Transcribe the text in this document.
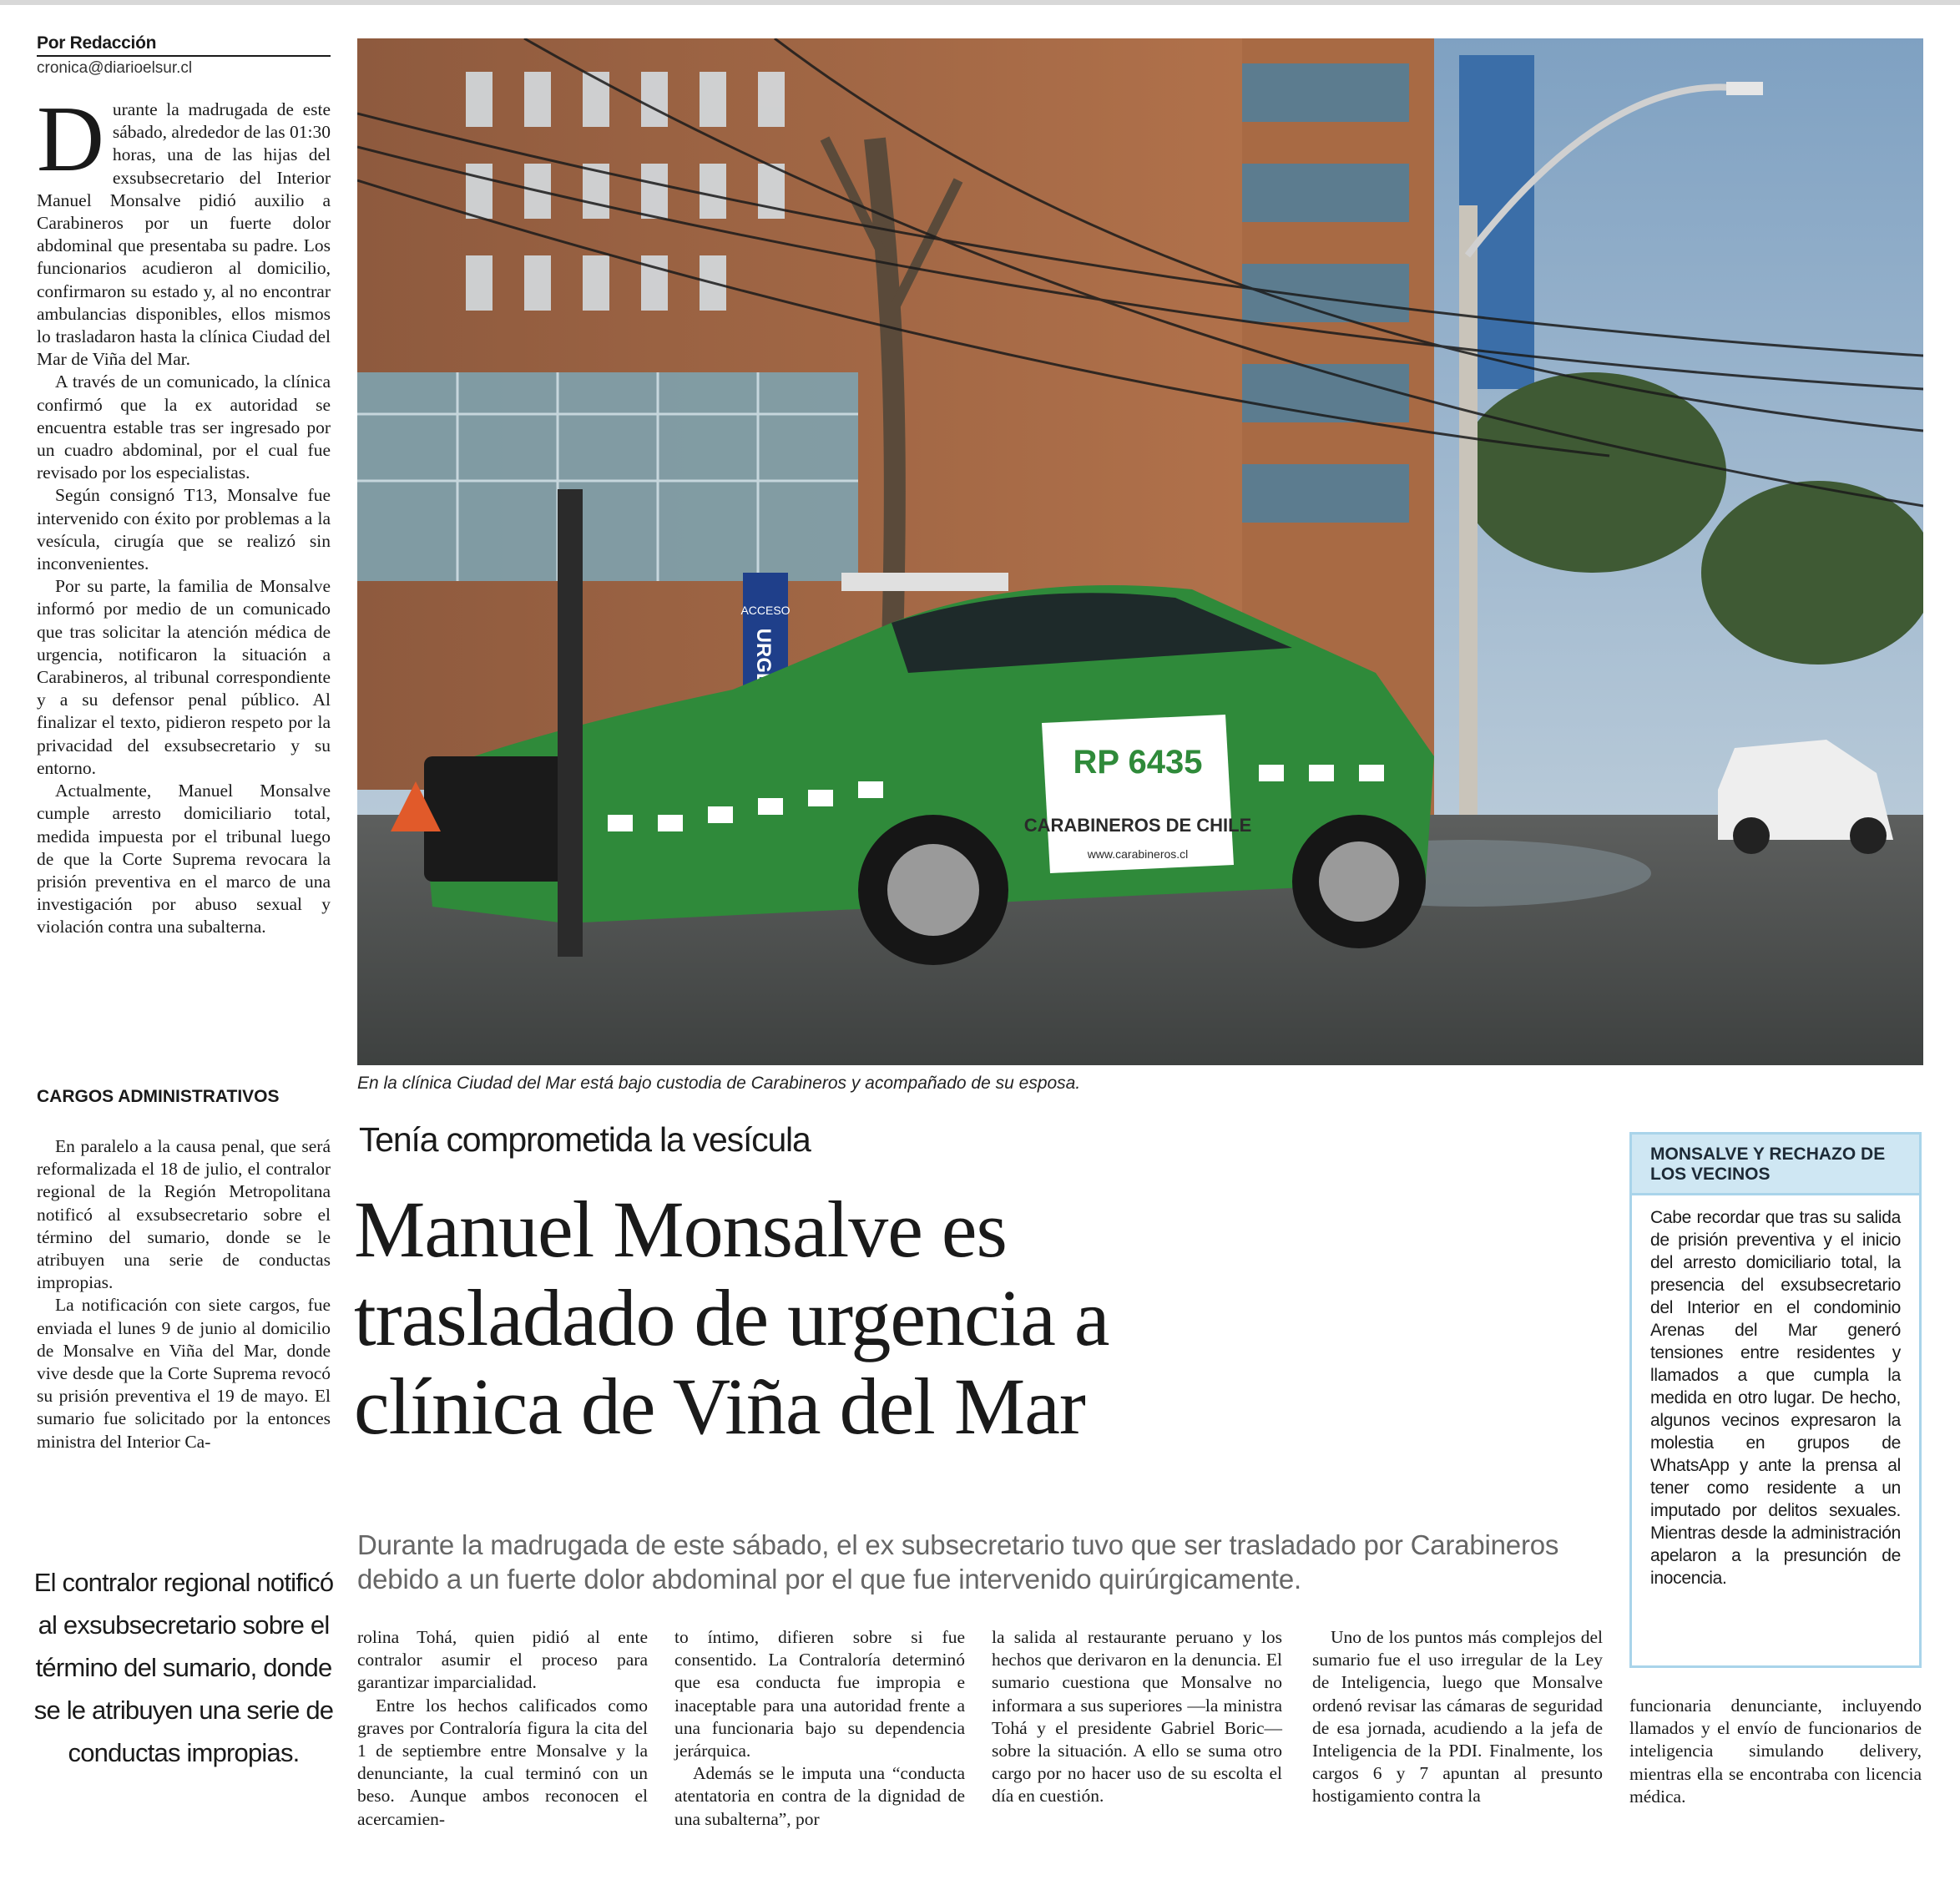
Por Redacción
cronica@diarioelsur.cl

Durante la madrugada de este sábado, alrededor de las 01:30 horas, una de las hijas del exsubsecretario del Interior Manuel Monsalve pidió auxilio a Carabineros por un fuerte dolor abdominal que presentaba su padre. Los funcionarios acudieron al domicilio, confirmaron su estado y, al no encontrar ambulancias disponibles, ellos mismos lo trasladaron hasta la clínica Ciudad del Mar de Viña del Mar.

A través de un comunicado, la clínica confirmó que la ex autoridad se encuentra estable tras ser ingresado por un cuadro abdominal, por el cual fue revisado por los especialistas.

Según consignó T13, Monsalve fue intervenido con éxito por problemas a la vesícula, cirugía que se realizó sin inconvenientes.

Por su parte, la familia de Monsalve informó por medio de un comunicado que tras solicitar la atención médica de urgencia, notificaron la situación a Carabineros, al tribunal correspondiente y a su defensor penal público. Al finalizar el texto, pidieron respeto por la privacidad del exsubsecretario y su entorno.

Actualmente, Manuel Monsalve cumple arresto domiciliario total, medida impuesta por el tribunal luego de que la Corte Suprema revocara la prisión preventiva en el marco de una investigación por abuso sexual y violación contra una subalterna.

CARGOS ADMINISTRATIVOS

En paralelo a la causa penal, que será reformalizada el 18 de julio, el contralor regional de la Región Metropolitana notificó al exsubsecretario sobre el término del sumario, donde se le atribuyen una serie de conductas impropias.

La notificación con siete cargos, fue enviada el lunes 9 de junio al domicilio de Monsalve en Viña del Mar, donde vive desde que la Corte Suprema revocó su prisión preventiva el 19 de mayo. El sumario fue solicitado por la entonces ministra del Interior Ca-

El contralor regional notificó al exsubsecretario sobre el término del sumario, donde se le atribuyen una serie de conductas impropias.
ACCESO
URGEN
RP 6435
CARABINEROS DE CHILE
www.carabineros.cl
En la clínica Ciudad del Mar está bajo custodia de Carabineros y acompañado de su esposa.
Tenía comprometida la vesícula
Manuel Monsalve es
trasladado de urgencia a
clínica de Viña del Mar
Durante la madrugada de este sábado, el ex subsecretario tuvo que ser trasladado por Carabineros debido a un fuerte dolor abdominal por el que fue intervenido quirúrgicamente.

rolina Tohá, quien pidió al ente contralor asumir el proceso para garantizar imparcialidad.

Entre los hechos calificados como graves por Contraloría figura la cita del 1 de septiembre entre Monsalve y la denunciante, la cual terminó con un beso. Aunque ambos reconocen el acercamien-

to íntimo, difieren sobre si fue consentido. La Contraloría determinó que esa conducta fue impropia e inaceptable para una autoridad frente a una funcionaria bajo su dependencia jerárquica.

Además se le imputa una “conducta atentatoria en contra de la dignidad de una subalterna”, por

la salida al restaurante peruano y los hechos que derivaron en la denuncia. El sumario cuestiona que Monsalve no informara a sus superiores —la ministra Tohá y el presidente Gabriel Boric— sobre la situación. A ello se suma otro cargo por no hacer uso de su escolta el día en cuestión.

Uno de los puntos más complejos del sumario fue el uso irregular de la Ley de Inteligencia, luego que Monsalve ordenó revisar las cámaras de seguridad de esa jornada, acudiendo a la jefa de Inteligencia de la PDI. Finalmente, los cargos 6 y 7 apuntan al presunto hostigamiento contra la

funcionaria denunciante, incluyendo llamados y el envío de funcionarios de inteligencia simulando delivery, mientras ella se encontraba con licencia médica.

MONSALVE Y RECHAZO DE LOS VECINOS
Cabe recordar que tras su salida de prisión preventiva y el inicio del arresto domiciliario total, la presencia del exsubsecretario del Interior en el condominio Arenas del Mar generó tensiones entre residentes y llamados a que cumpla la medida en otro lugar. De hecho, algunos vecinos expresaron la molestia en grupos de WhatsApp y ante la prensa al tener como residente a un imputado por delitos sexuales. Mientras desde la administración apelaron a la presunción de inocencia.
